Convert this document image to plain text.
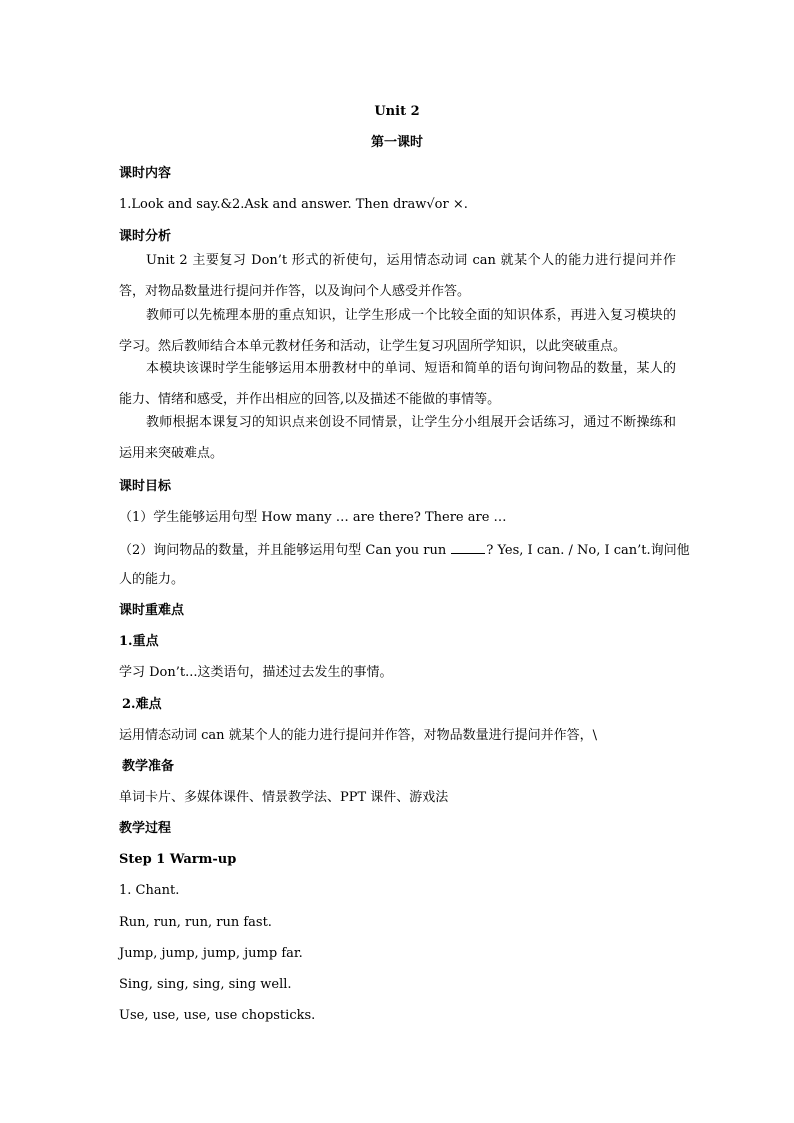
Unit 2
第一课时
课时内容
1.Look and say.&2.Ask and answer. Then draw√or ×.
课时分析
Unit 2 主要复习 Don’t 形式的祈使句，运用情态动词 can 就某个人的能力进行提问并作答，对物品数量进行提问并作答，以及询问个人感受并作答。
教师可以先梳理本册的重点知识，让学生形成一个比较全面的知识体系，再进入复习模块的学习。然后教师结合本单元教材任务和活动，让学生复习巩固所学知识，以此突破重点。
本模块该课时学生能够运用本册教材中的单词、短语和简单的语句询问物品的数量，某人的能力、情绪和感受，并作出相应的回答,以及描述不能做的事情等。
教师根据本课复习的知识点来创设不同情景，让学生分小组展开会话练习，通过不断操练和运用来突破难点。
课时目标
（1）学生能够运用句型 How many … are there? There are …
（2）询问物品的数量，并且能够运用句型 Can you run	? Yes, I can. / No, I can’t.询问他
人的能力。
课时重难点
1.重点
学习 Don’t...这类语句，描述过去发生的事情。
2.难点
运用情态动词 can 就某个人的能力进行提问并作答，对物品数量进行提问并作答，\
教学准备
单词卡片、多媒体课件、情景教学法、PPT 课件、游戏法
教学过程
Step 1 Warm-up
1. Chant.
Run, run, run, run fast.
Jump, jump, jump, jump far.
Sing, sing, sing, sing well.
Use, use, use, use chopsticks.
